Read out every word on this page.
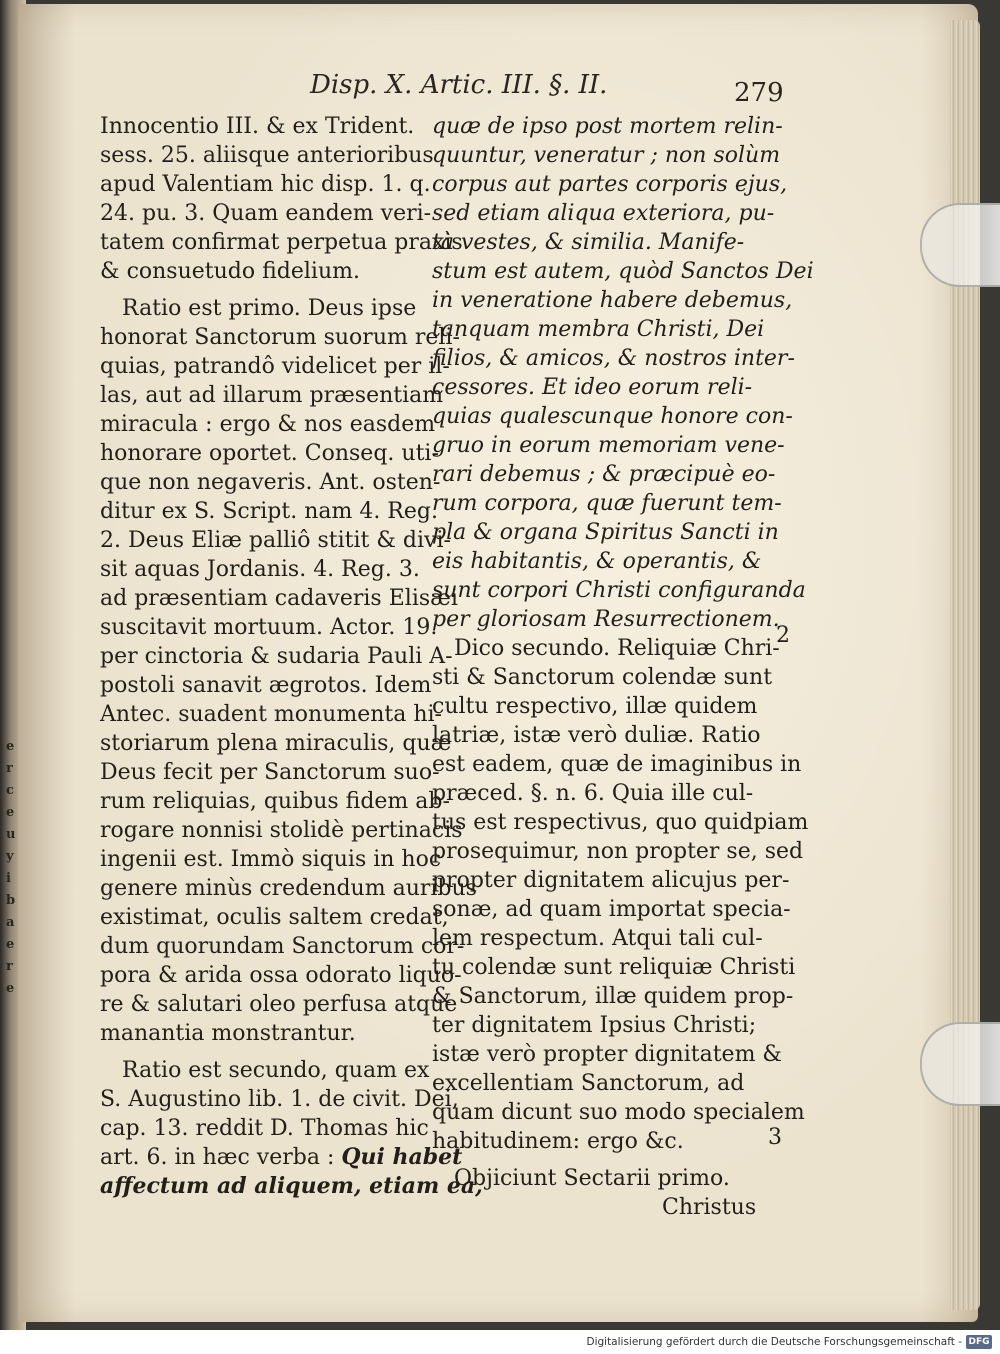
e
r
c
e
u
y
i
b
a
e
r
e
Disp. X. Artic. III. §. II.	279
Innocentio III. & ex Trident.
sess. 25. aliisque anterioribus
apud Valentiam hic disp. 1. q.
24. pu. 3. Quam eandem veri-
tatem confirmat perpetua praxis
& consuetudo fidelium.
Ratio est primo. Deus ipse
honorat Sanctorum suorum reli-
quias, patrandô videlicet per il-
las, aut ad illarum præsentiam
miracula : ergo & nos easdem
honorare oportet. Conseq. uti-
que non negaveris. Ant. osten-
ditur ex S. Script. nam 4. Reg.
2. Deus Eliæ palliô stitit & divi-
sit aquas Jordanis. 4. Reg. 3.
ad præsentiam cadaveris Elisæi
suscitavit mortuum. Actor. 19.
per cinctoria & sudaria Pauli A-
postoli sanavit ægrotos. Idem
Antec. suadent monumenta hi-
storiarum plena miraculis, quæ
Deus fecit per Sanctorum suo-
rum reliquias, quibus fidem ab-
rogare nonnisi stolidè pertinacis
ingenii est. Immò siquis in hoc
genere minùs credendum auribus
existimat, oculis saltem credat,
dum quorundam Sanctorum cor-
pora & arida ossa odorato liquo-
re & salutari oleo perfusa atque
manantia monstrantur.
Ratio est secundo, quam ex
S. Augustino lib. 1. de civit. Dei,
cap. 13. reddit D. Thomas hic
art. 6. in hæc verba : Qui habet
affectum ad aliquem, etiam ea,
quæ de ipso post mortem relin-
quuntur, veneratur ; non solùm
corpus aut partes corporis ejus,
sed etiam aliqua exteriora, pu-
tà vestes, & similia. Manife-
stum est autem, quòd Sanctos Dei
in veneratione habere debemus,
tanquam membra Christi, Dei
filios, & amicos, & nostros inter-
cessores. Et ideo eorum reli-
quias qualescunque honore con-
gruo in eorum memoriam vene-
rari debemus ; & præcipuè eo-
rum corpora, quæ fuerunt tem-
pla & organa Spiritus Sancti in
eis habitantis, & operantis, &
sunt corpori Christi configuranda
per gloriosam Resurrectionem.
Dico secundo. Reliquiæ Chri-
sti & Sanctorum colendæ sunt
cultu respectivo, illæ quidem
latriæ, istæ verò duliæ. Ratio
est eadem, quæ de imaginibus in
præced. §. n. 6. Quia ille cul-
tus est respectivus, quo quidpiam
prosequimur, non propter se, sed
propter dignitatem alicujus per-
sonæ, ad quam importat specia-
lem respectum. Atqui tali cul-
tu colendæ sunt reliquiæ Christi
& Sanctorum, illæ quidem prop-
ter dignitatem Ipsius Christi;
istæ verò propter dignitatem &
excellentiam Sanctorum, ad
quam dicunt suo modo specialem
habitudinem: ergo &c.
Objiciunt Sectarii primo.
Christus
2
3
Digitalisierung gefördert durch die Deutsche Forschungsgemeinschaft - DFG
